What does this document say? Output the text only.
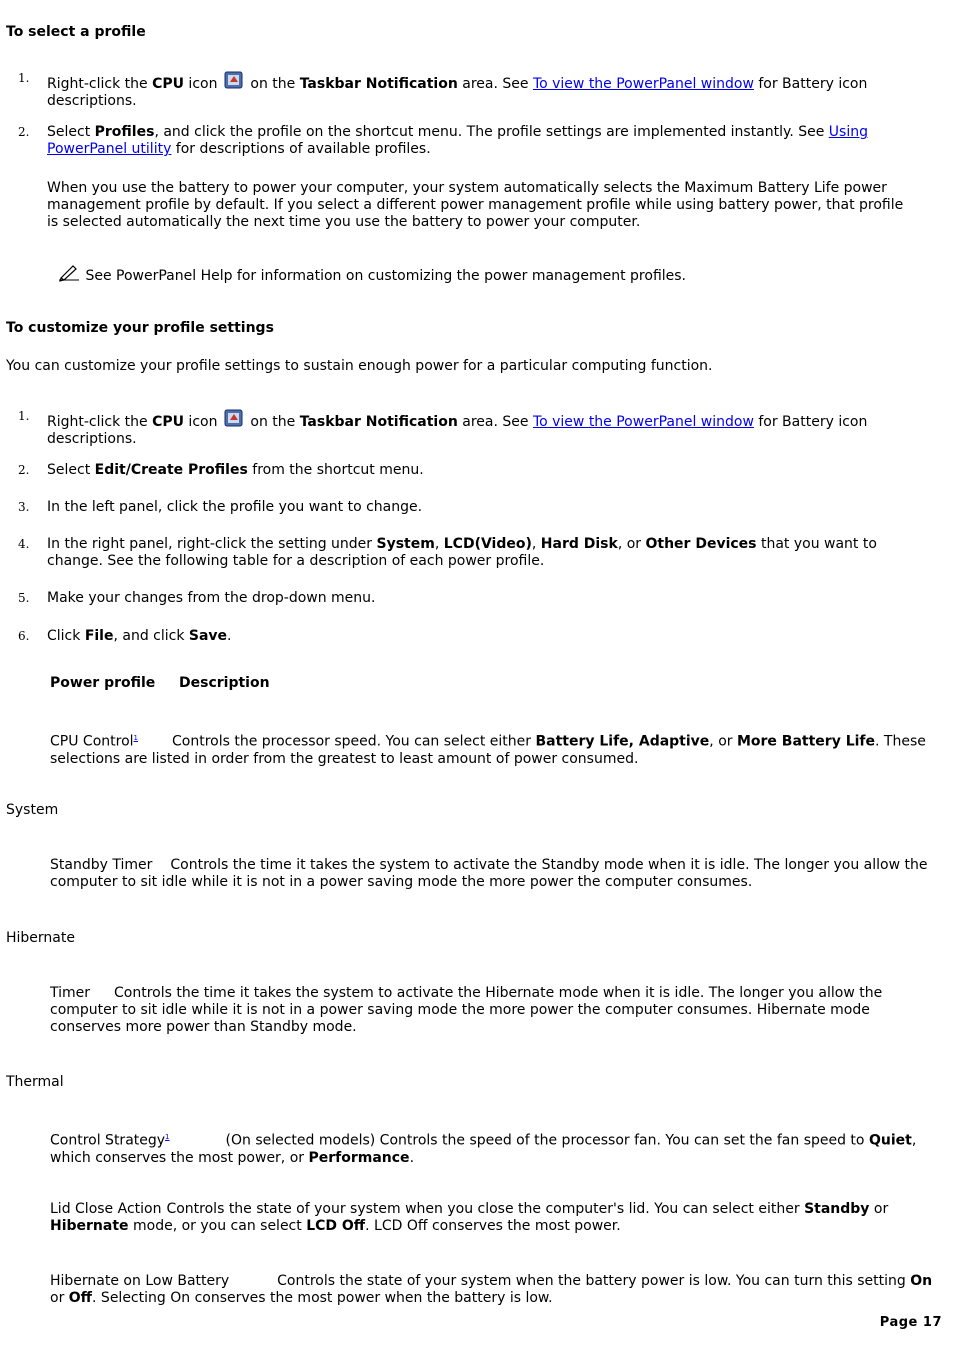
To select a profile
1. Right-click the CPU icon  on the Taskbar Notification area. See To view the PowerPanel window for Battery icon descriptions.
2. Select Profiles, and click the profile on the shortcut menu. The profile settings are implemented instantly. See Using PowerPanel utility for descriptions of available profiles.
When you use the battery to power your computer, your system automatically selects the Maximum Battery Life power management profile by default. If you select a different power management profile while using battery power, that profile is selected automatically the next time you use the battery to power your computer.
See PowerPanel Help for information on customizing the power management profiles.
To customize your profile settings
You can customize your profile settings to sustain enough power for a particular computing function.
1. Right-click the CPU icon  on the Taskbar Notification area. See To view the PowerPanel window for Battery icon descriptions.
2. Select Edit/Create Profiles from the shortcut menu.
3. In the left panel, click the profile you want to change.
4. In the right panel, right-click the setting under System, LCD(Video), Hard Disk, or Other Devices that you want to change. See the following table for a description of each power profile.
5. Make your changes from the drop-down menu.
6. Click File, and click Save.
Power profile Description
CPU Control$^1$ Controls the processor speed. You can select either Battery Life, Adaptive, or More Battery Life. These selections are listed in order from the greatest to least amount of power consumed.
System
Standby Timer Controls the time it takes the system to activate the Standby mode when it is idle. The longer you allow the computer to sit idle while it is not in a power saving mode the more power the computer consumes.
Hibernate
Timer Controls the time it takes the system to activate the Hibernate mode when it is idle. The longer you allow the computer to sit idle while it is not in a power saving mode the more power the computer consumes. Hibernate mode conserves more power than Standby mode.
Thermal
Control Strategy$^1$	(On selected models) Controls the speed of the processor fan. You can set the fan speed to Quiet, which conserves the most power, or Performance.
Lid Close Action Controls the state of your system when you close the computer's lid. You can select either Standby or Hibernate mode, or you can select LCD Off. LCD Off conserves the most power.
Hibernate on Low Battery	Controls the state of your system when the battery power is low. You can turn this setting On or Off. Selecting On conserves the most power when the battery is low.
Page 17
